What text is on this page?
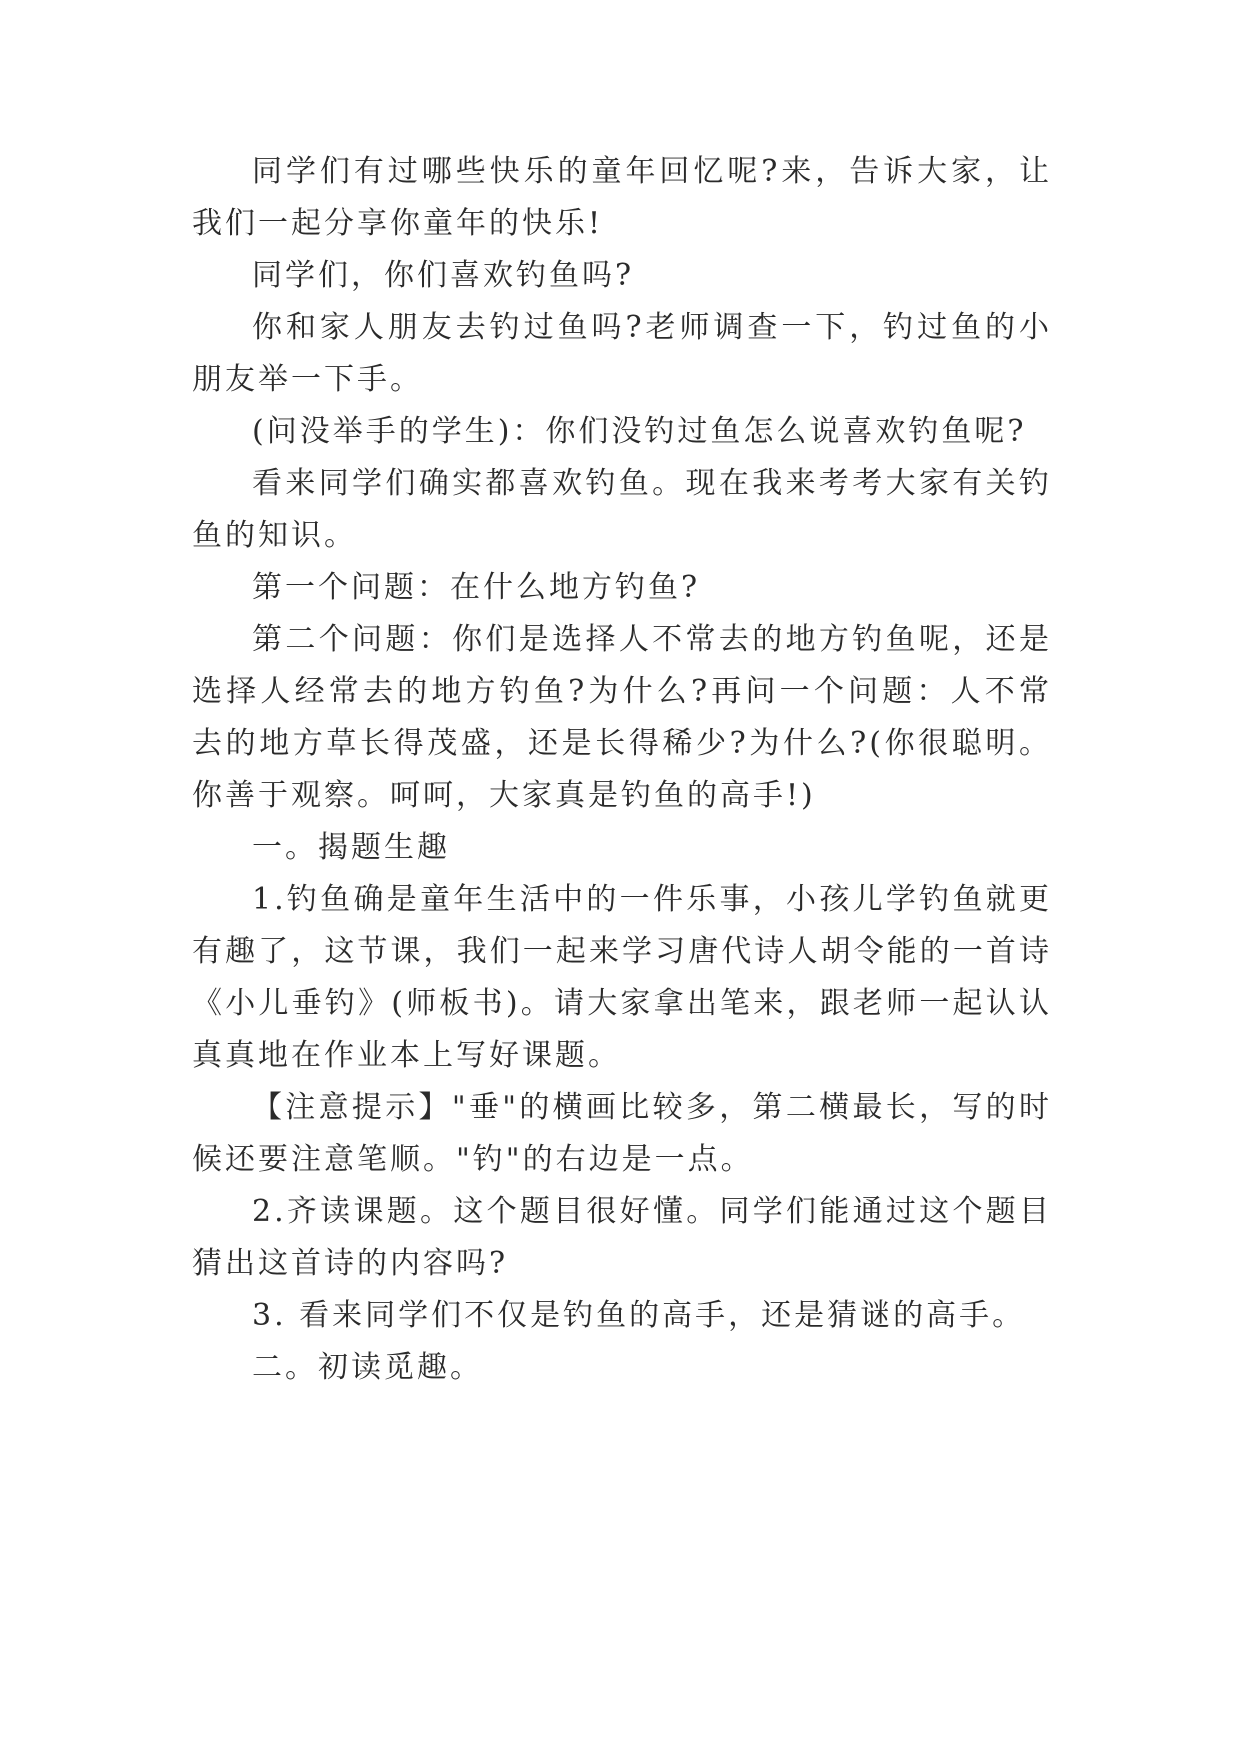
同学们有过哪些快乐的童年回忆呢?来，告诉大家，让我们一起分享你童年的快乐!

同学们，你们喜欢钓鱼吗?

你和家人朋友去钓过鱼吗?老师调查一下，钓过鱼的小朋友举一下手。

(问没举手的学生)：你们没钓过鱼怎么说喜欢钓鱼呢?

看来同学们确实都喜欢钓鱼。现在我来考考大家有关钓鱼的知识。

第一个问题：在什么地方钓鱼?

第二个问题：你们是选择人不常去的地方钓鱼呢，还是选择人经常去的地方钓鱼?为什么?再问一个问题：人不常去的地方草长得茂盛，还是长得稀少?为什么?(你很聪明。你善于观察。呵呵，大家真是钓鱼的高手!)

一。揭题生趣

1.钓鱼确是童年生活中的一件乐事，小孩儿学钓鱼就更有趣了，这节课，我们一起来学习唐代诗人胡令能的一首诗《小儿垂钓》(师板书)。请大家拿出笔来，跟老师一起认认真真地在作业本上写好课题。

【注意提示】"垂"的横画比较多，第二横最长，写的时候还要注意笔顺。"钓"的右边是一点。

2.齐读课题。这个题目很好懂。同学们能通过这个题目猜出这首诗的内容吗?

3. 看来同学们不仅是钓鱼的高手，还是猜谜的高手。

二。初读觅趣。
